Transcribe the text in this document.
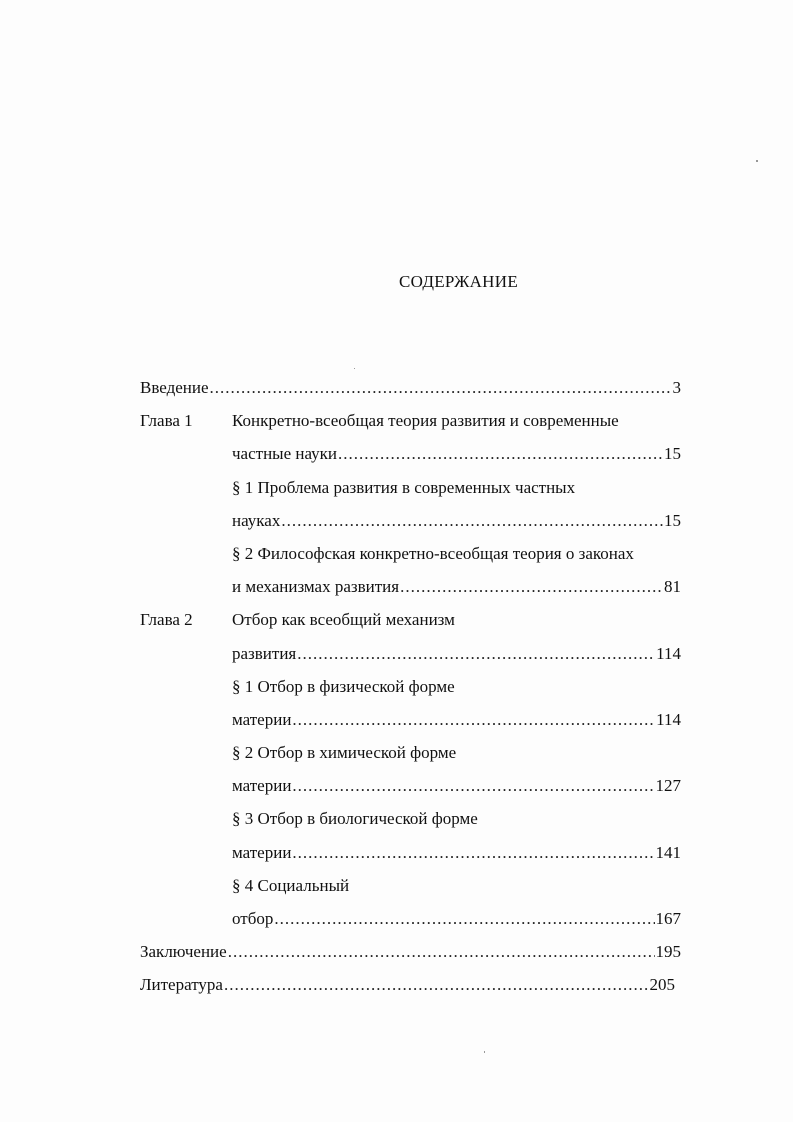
СОДЕРЖАНИЕ
Введение .....	3
Глава 1 Конкретно-всеобщая теория развития и современные
частные науки .....	15
§ 1 Проблема развития в современных частных
науках .....	15
§ 2 Философская конкретно-всеобщая теория о законах
и механизмах развития .....	81
Глава 2 Отбор как всеобщий механизм
развития .....	114
§ 1 Отбор в физической форме
материи .....	114
§ 2 Отбор в химической форме
материи .....	127
§ 3 Отбор в биологической форме
материи .....	141
§ 4 Социальный
отбор .....	167
Заключение .....	195
Литература .....	205
